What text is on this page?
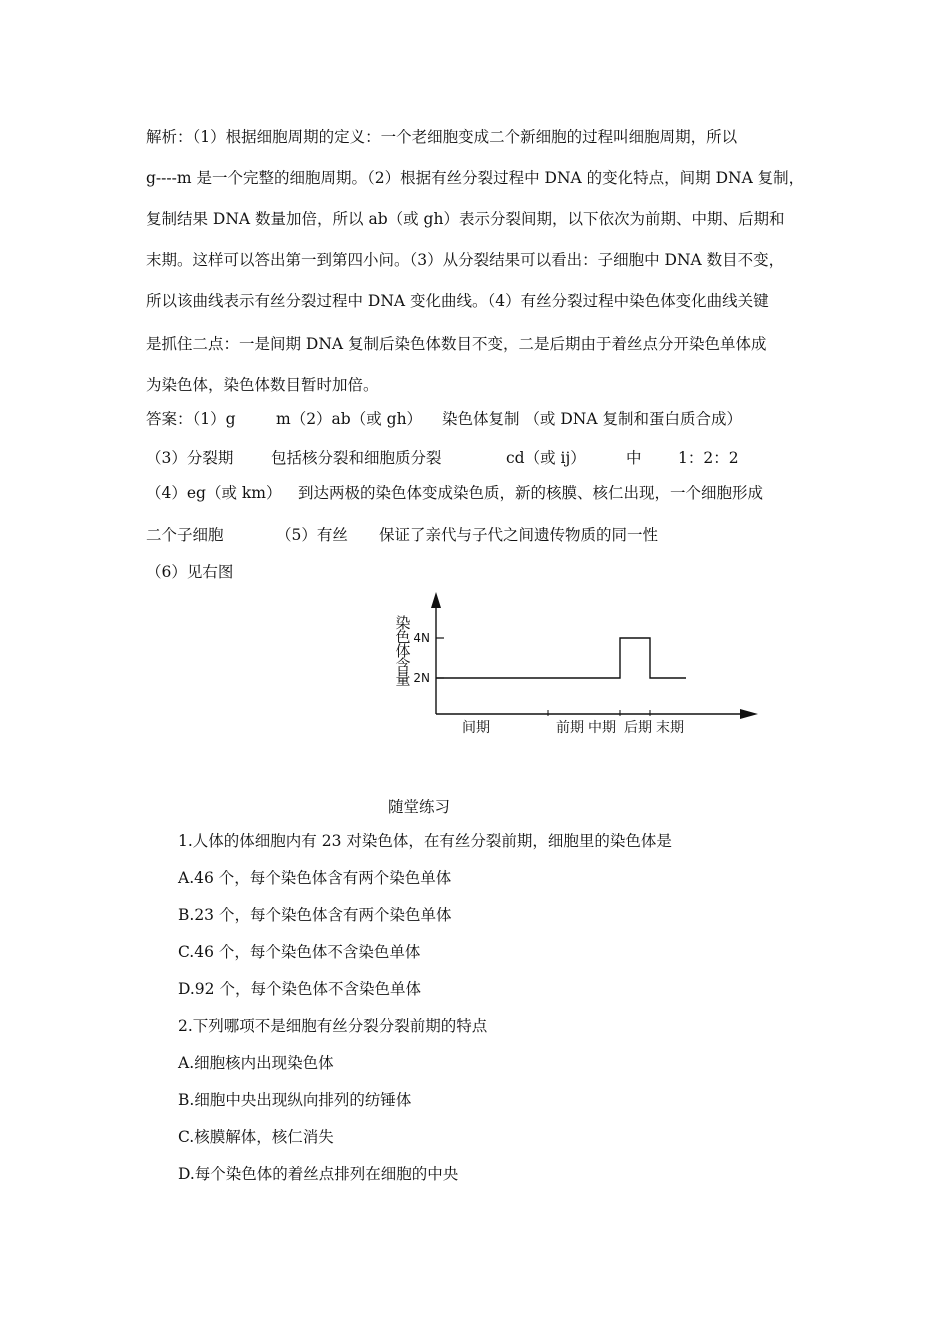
解析：（1）根据细胞周期的定义：一个老细胞变成二个新细胞的过程叫细胞周期，所以
g----m 是一个完整的细胞周期。（2）根据有丝分裂过程中 DNA 的变化特点，间期 DNA 复制，
复制结果 DNA 数量加倍，所以 ab（或 gh）表示分裂间期，以下依次为前期、中期、后期和
末期。这样可以答出第一到第四小问。（3）从分裂结果可以看出：子细胞中 DNA 数目不变，
所以该曲线表示有丝分裂过程中 DNA 变化曲线。（4）有丝分裂过程中染色体变化曲线关键
是抓住二点：一是间期 DNA 复制后染色体数目不变，二是后期由于着丝点分开染色单体成
为染色体，染色体数目暂时加倍。
答案：（1）g	m（2）ab（或 gh） 染色体复制 （或 DNA 复制和蛋白质合成）
（3）分裂期 包括核分裂和细胞质分裂	cd（或 ij）	中 1：2：2
（4）eg（或 km） 到达两极的染色体变成染色质，新的核膜、核仁出现，一个细胞形成
二个子细胞	（5）有丝 保证了亲代与子代之间遗传物质的同一性
（6）见右图
染
色
体
含
量 2N
4N
间期	前期 中期 后期 末期
随堂练习
1.人体的体细胞内有 23 对染色体，在有丝分裂前期，细胞里的染色体是
A.46 个，每个染色体含有两个染色单体
B.23 个，每个染色体含有两个染色单体
C.46 个，每个染色体不含染色单体
D.92 个，每个染色体不含染色单体
2.下列哪项不是细胞有丝分裂分裂前期的特点
A.细胞核内出现染色体
B.细胞中央出现纵向排列的纺锤体
C.核膜解体，核仁消失
D.每个染色体的着丝点排列在细胞的中央
